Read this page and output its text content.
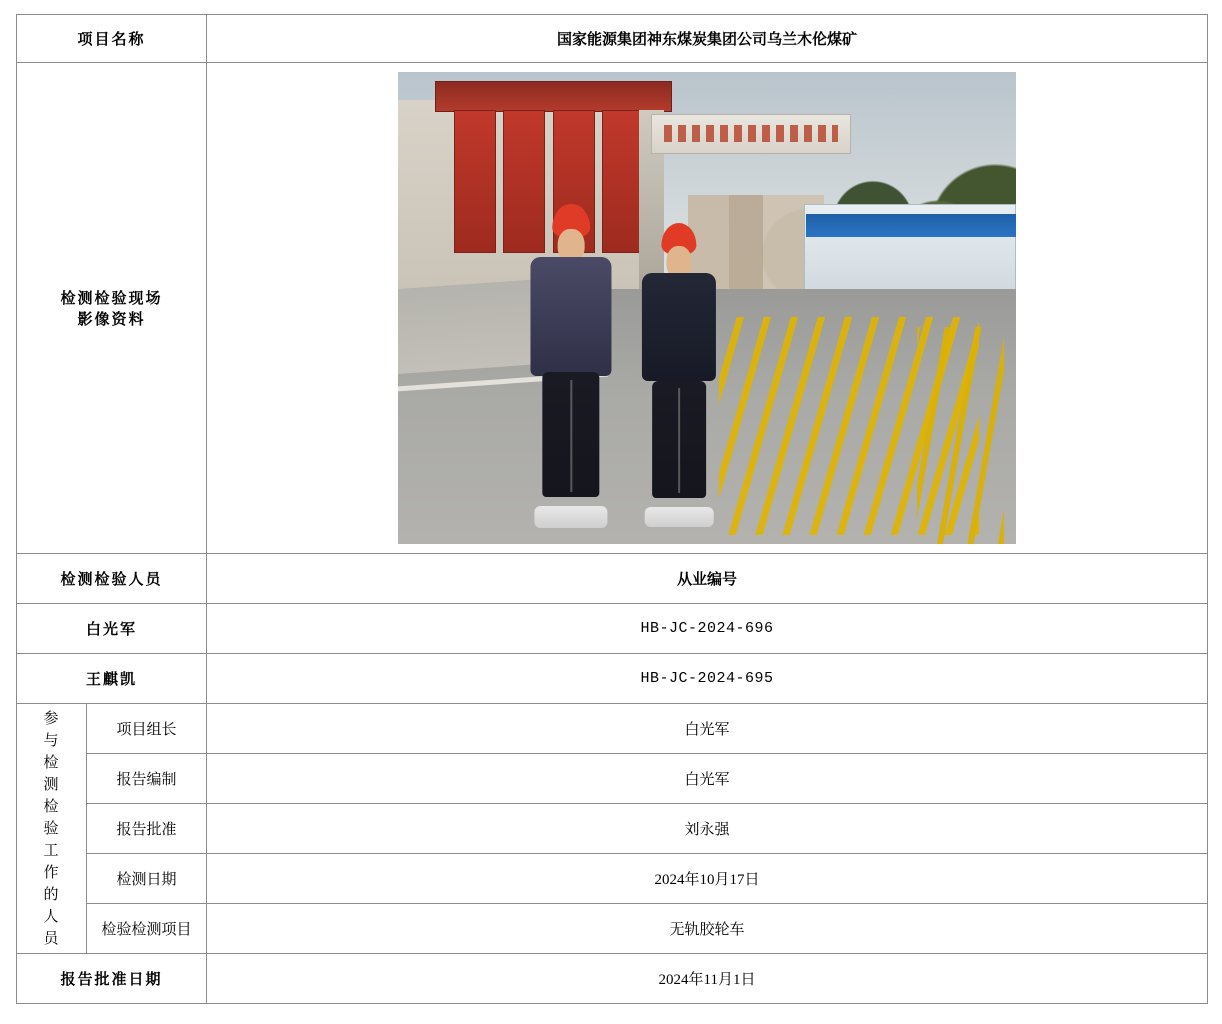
项目名称		国家能源集团神东煤炭集团公司乌兰木伦煤矿

检测检验现场
影像资料		

检测检验人员		从业编号
白光军		HB-JC-2024-696
王麒凯		HB-JC-2024-695

参
与
检
测
检
验
工
作
的
人
员
	项目组长	白光军
	报告编制	白光军
	报告批准	刘永强
	检测日期	2024年10月17日
	检验检测项目	无轨胶轮车
报告批准日期		2024年11月1日
